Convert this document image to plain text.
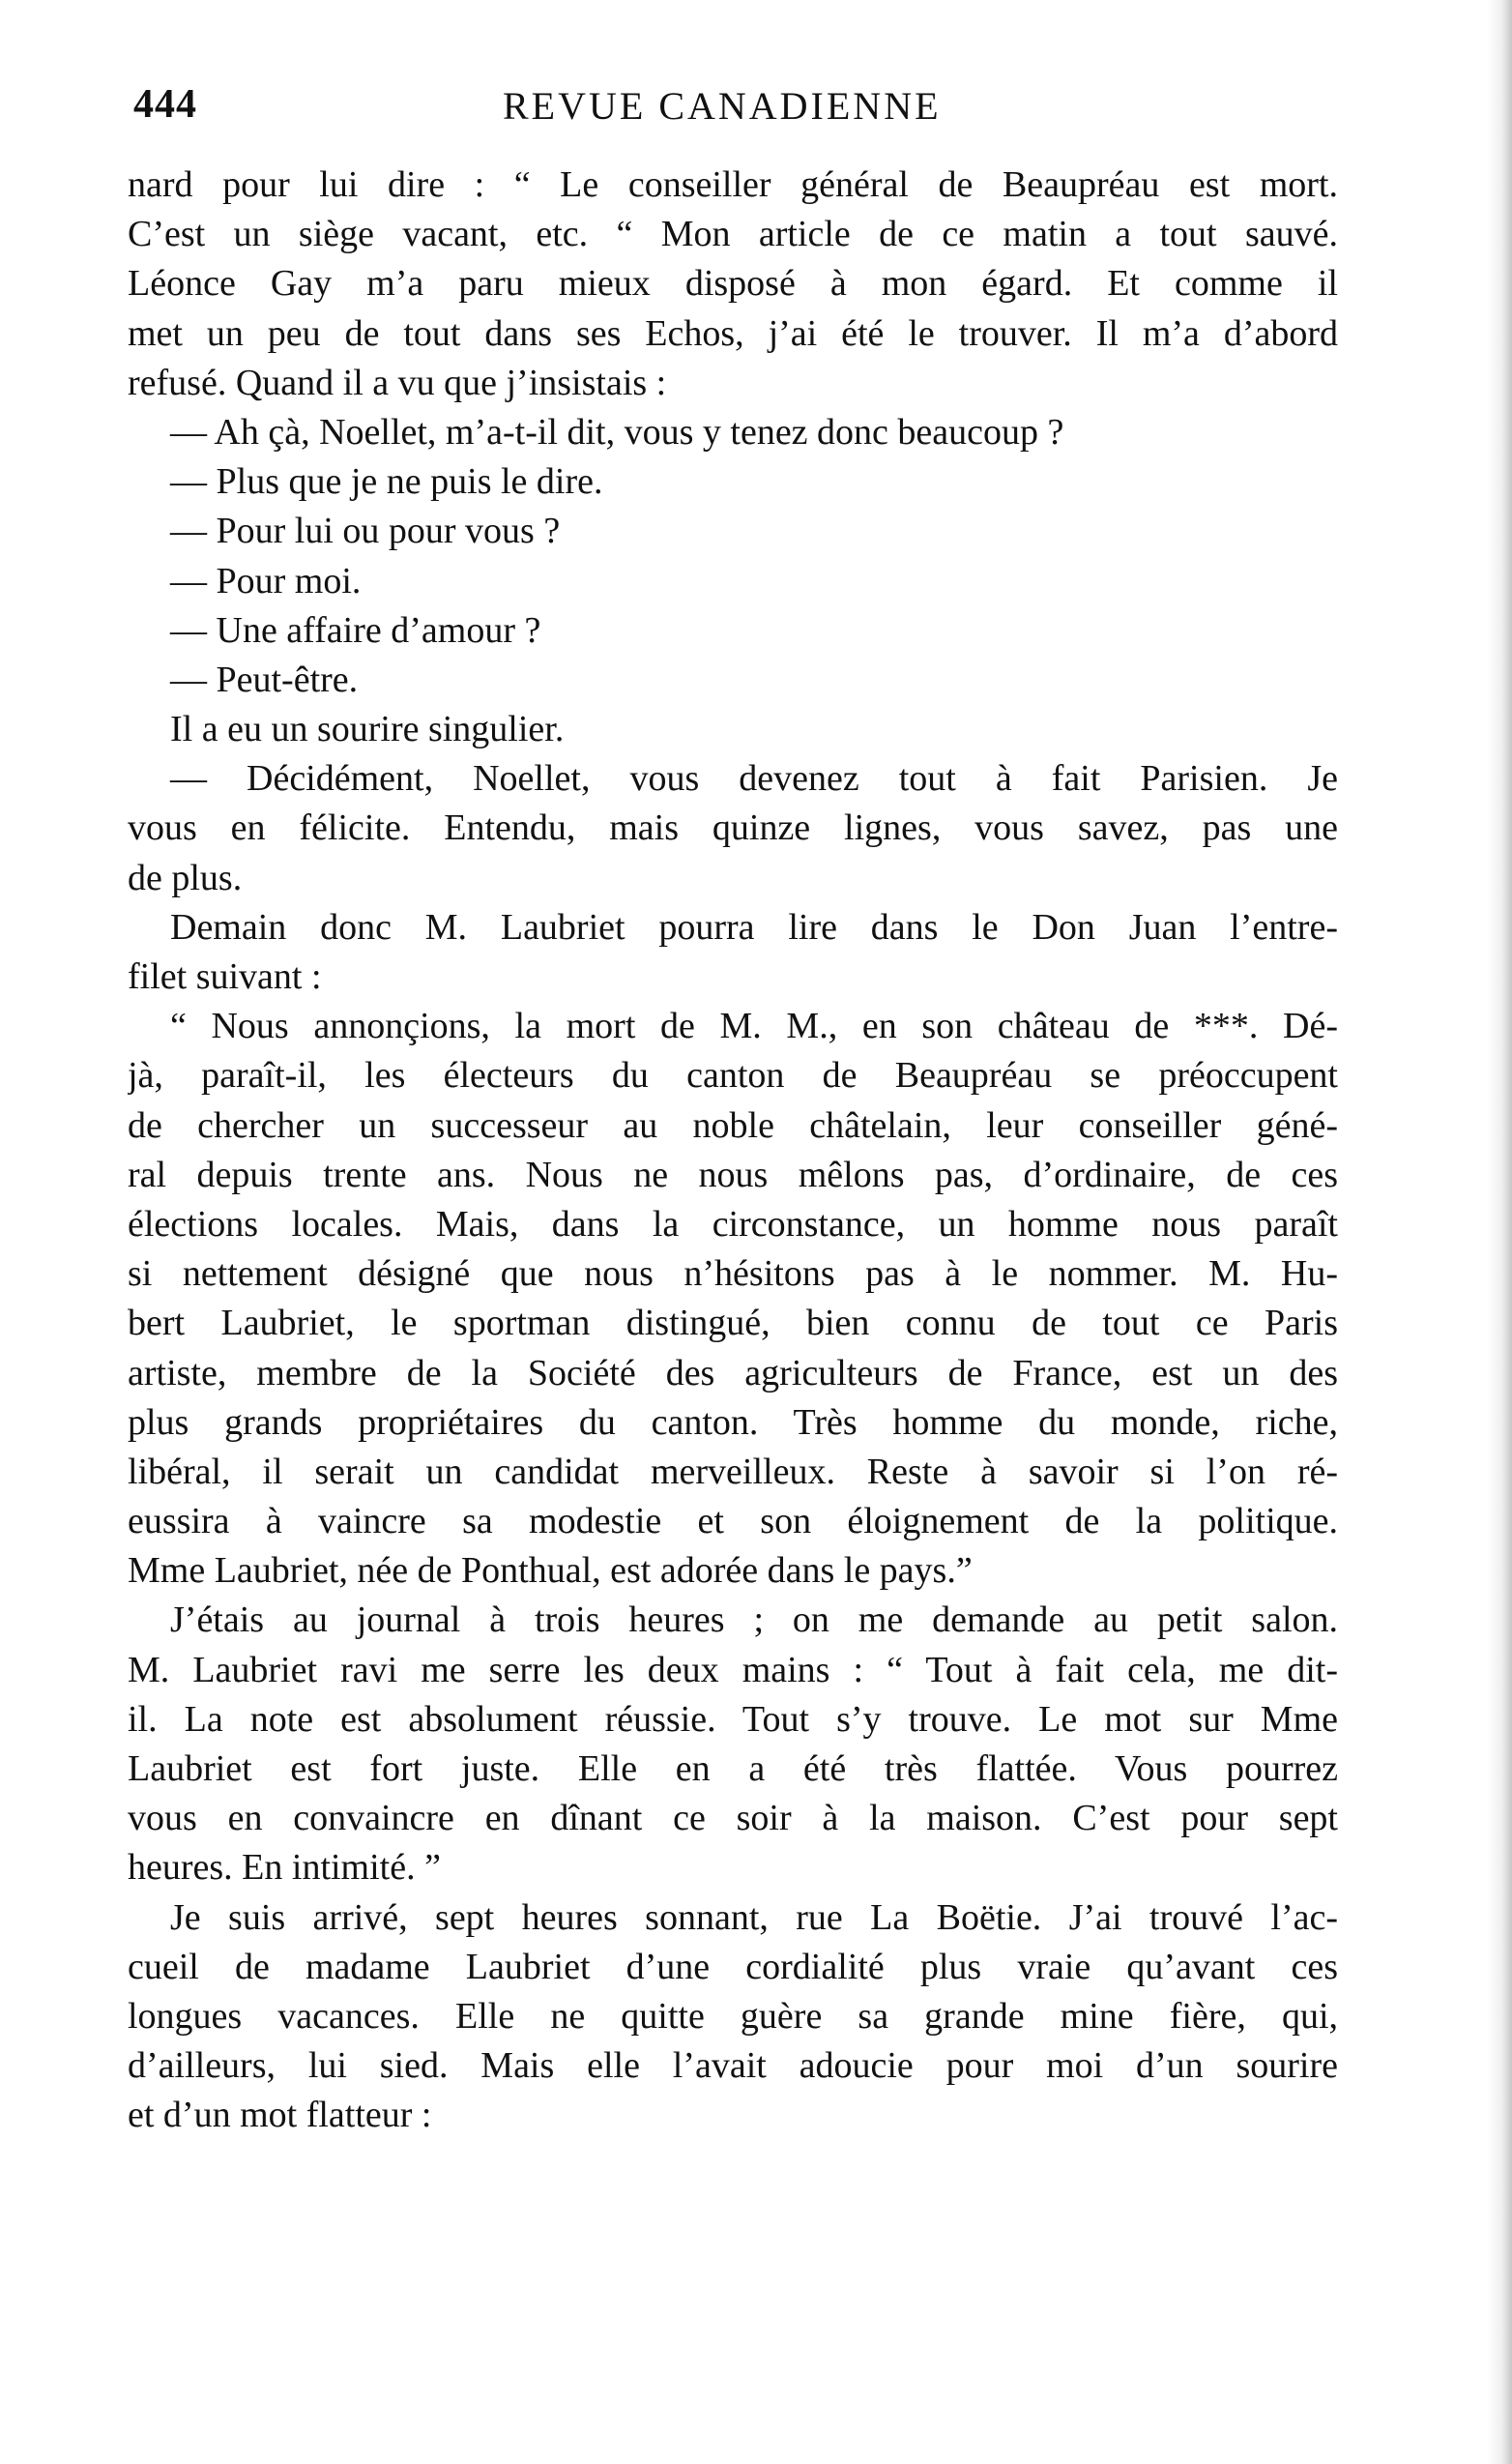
444	REVUE CANADIENNE
nard pour lui dire : “ Le conseiller général de Beaupréau est mort.
C’est un siège vacant, etc. “ Mon article de ce matin a tout sauvé.
Léonce Gay m’a paru mieux disposé à mon égard. Et comme il
met un peu de tout dans ses Echos, j’ai été le trouver. Il m’a d’abord
refusé. Quand il a vu que j’insistais :
— Ah çà, Noellet, m’a-t-il dit, vous y tenez donc beaucoup ?
— Plus que je ne puis le dire.
— Pour lui ou pour vous ?
— Pour moi.
— Une affaire d’amour ?
— Peut-être.
Il a eu un sourire singulier.
— Décidément, Noellet, vous devenez tout à fait Parisien. Je
vous en félicite. Entendu, mais quinze lignes, vous savez, pas une
de plus.
Demain donc M. Laubriet pourra lire dans le Don Juan l’entre-
filet suivant :
“ Nous annonçions, la mort de M. M., en son château de ***. Dé-
jà, paraît-il, les électeurs du canton de Beaupréau se préoccupent
de chercher un successeur au noble châtelain, leur conseiller géné-
ral depuis trente ans. Nous ne nous mêlons pas, d’ordinaire, de ces
élections locales. Mais, dans la circonstance, un homme nous paraît
si nettement désigné que nous n’hésitons pas à le nommer. M. Hu-
bert Laubriet, le sportman distingué, bien connu de tout ce Paris
artiste, membre de la Société des agriculteurs de France, est un des
plus grands propriétaires du canton. Très homme du monde, riche,
libéral, il serait un candidat merveilleux. Reste à savoir si l’on ré-
eussira à vaincre sa modestie et son éloignement de la politique.
Mme Laubriet, née de Ponthual, est adorée dans le pays.”
J’étais au journal à trois heures ; on me demande au petit salon.
M. Laubriet ravi me serre les deux mains : “ Tout à fait cela, me dit-
il. La note est absolument réussie. Tout s’y trouve. Le mot sur Mme
Laubriet est fort juste. Elle en a été très flattée. Vous pourrez
vous en convaincre en dînant ce soir à la maison. C’est pour sept
heures. En intimité. ”
Je suis arrivé, sept heures sonnant, rue La Boëtie. J’ai trouvé l’ac-
cueil de madame Laubriet d’une cordialité plus vraie qu’avant ces
longues vacances. Elle ne quitte guère sa grande mine fière, qui,
d’ailleurs, lui sied. Mais elle l’avait adoucie pour moi d’un sourire
et d’un mot flatteur :
